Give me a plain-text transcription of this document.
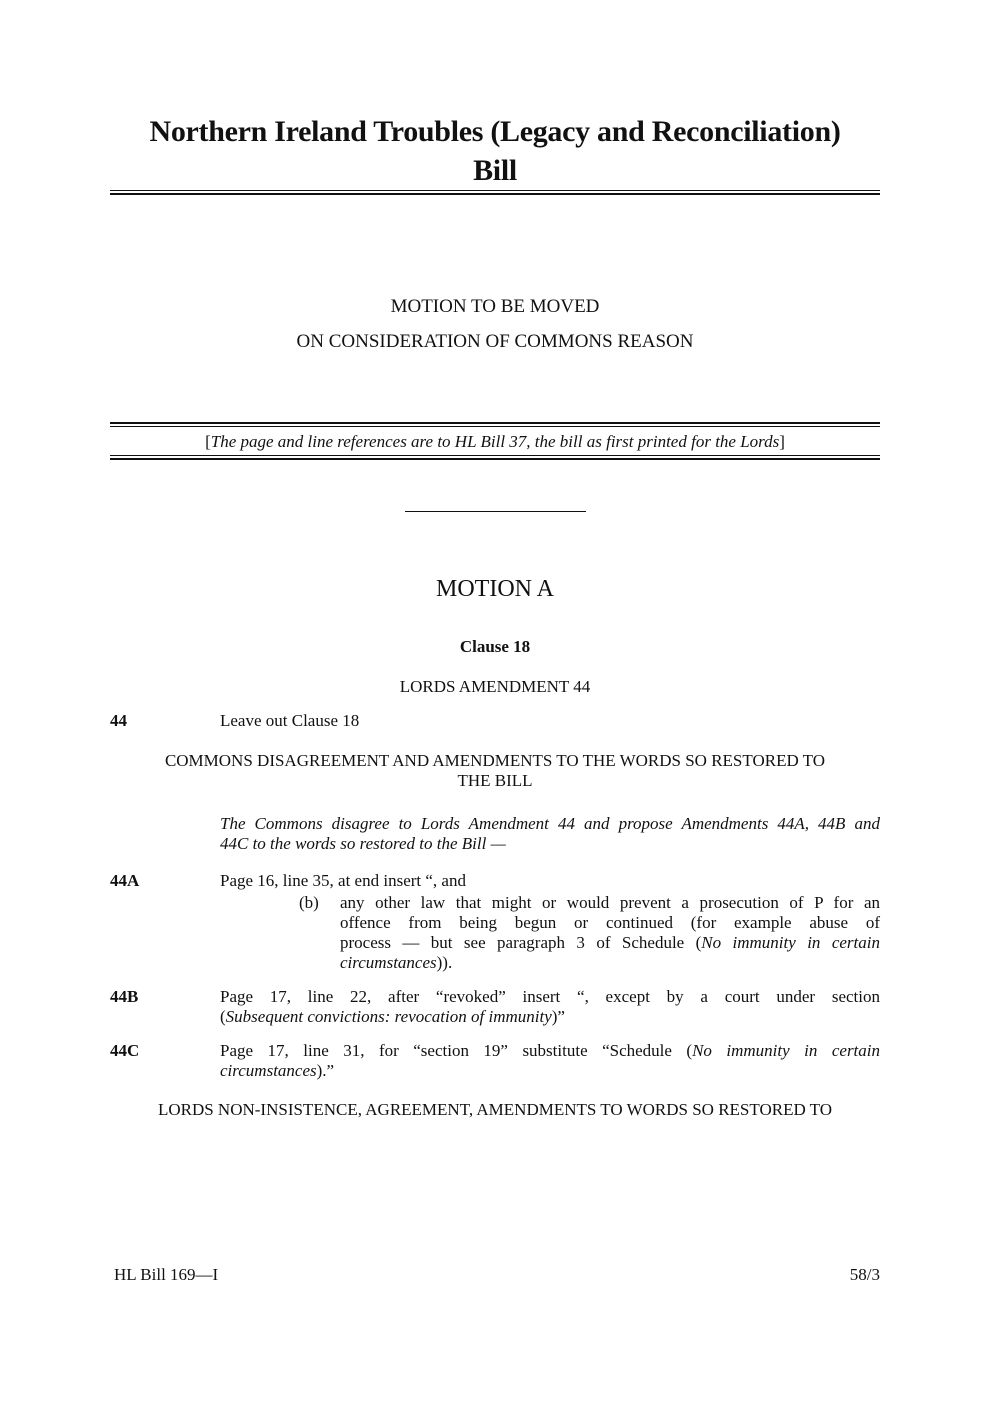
Northern Ireland Troubles (Legacy and Reconciliation)
Bill
MOTION TO BE MOVED
ON CONSIDERATION OF COMMONS REASON
[The page and line references are to HL Bill 37, the bill as first printed for the Lords]
MOTION A
Clause 18
LORDS AMENDMENT 44
44	Leave out Clause 18
COMMONS DISAGREEMENT AND AMENDMENTS TO THE WORDS SO RESTORED TO
THE BILL
The Commons disagree to Lords Amendment 44 and propose Amendments 44A, 44B and
44C to the words so restored to the Bill —
44A	Page 16, line 35, at end insert “, and
(b) any other law that might or would prevent a prosecution of P for an
offence from being begun or continued (for example abuse of
process — but see paragraph 3 of Schedule (No immunity in certain
circumstances)).
44B	Page 17, line 22, after “revoked” insert “, except by a court under section
(Subsequent convictions: revocation of immunity)”
44C	Page 17, line 31, for “section 19” substitute “Schedule (No immunity in certain
circumstances).”
LORDS NON-INSISTENCE, AGREEMENT, AMENDMENTS TO WORDS SO RESTORED TO
HL Bill 169—I	58/3
